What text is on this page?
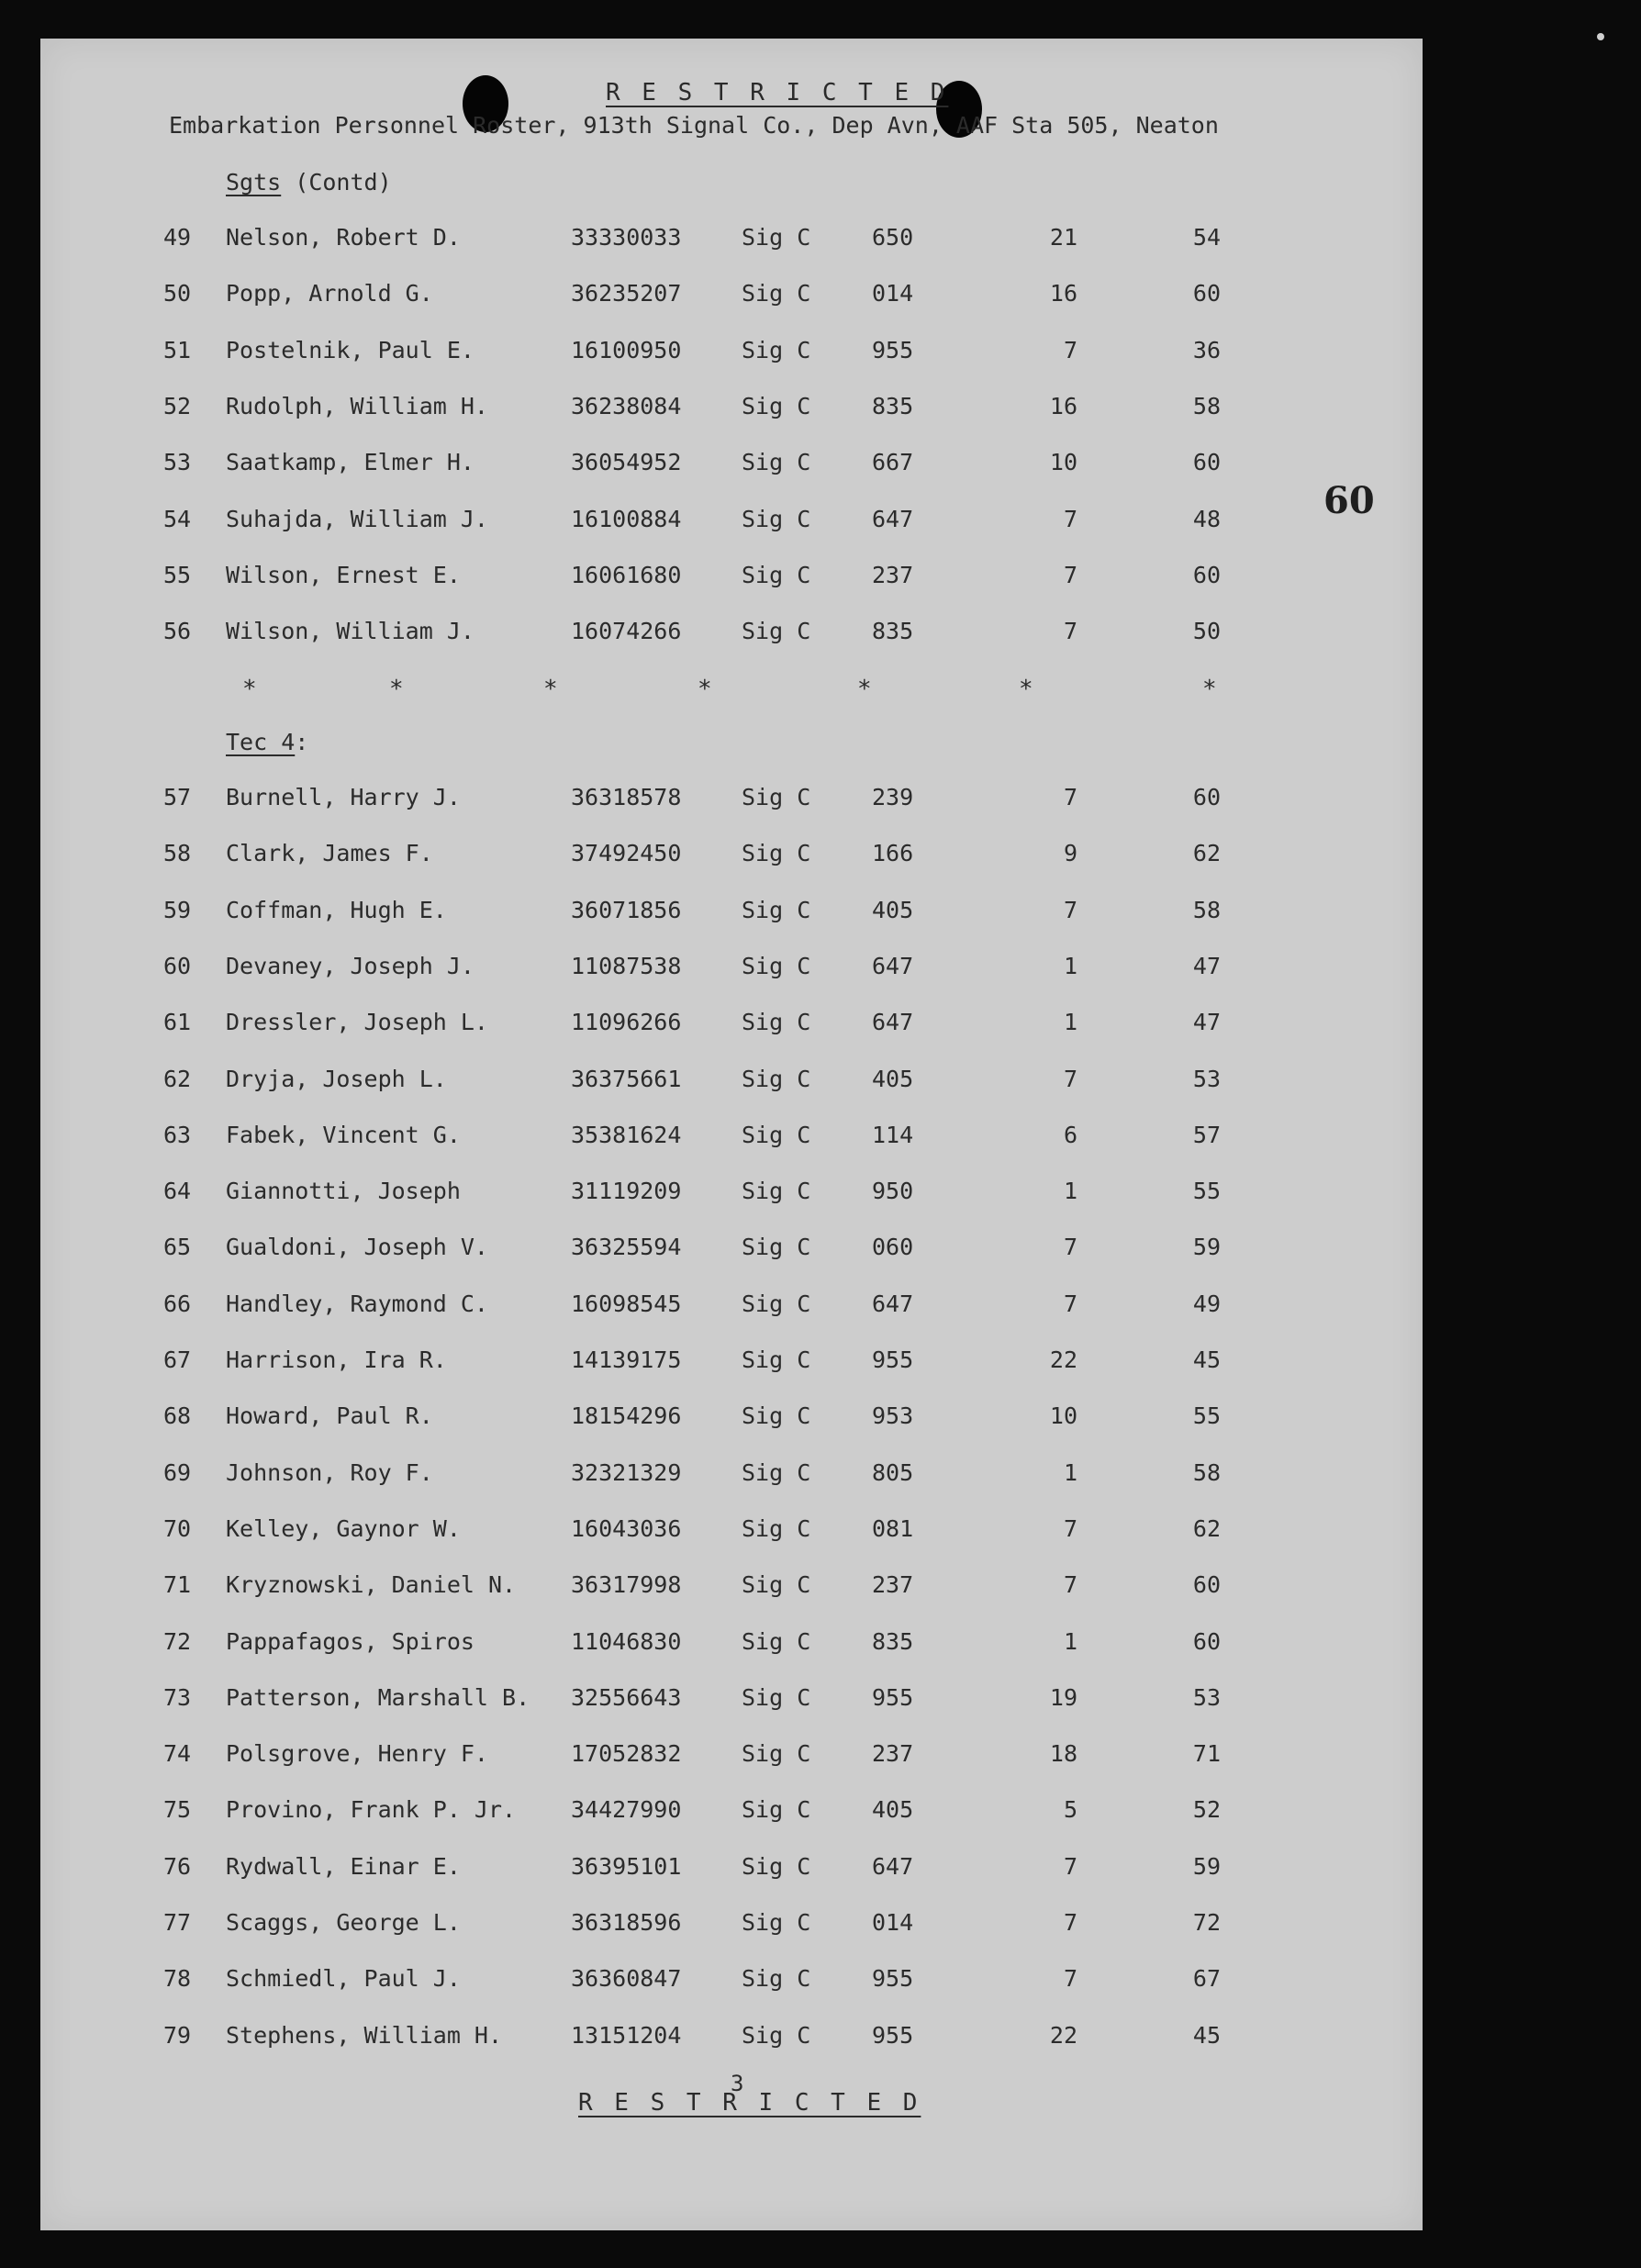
R E S T R I C T E D
Embarkation Personnel Roster, 913th Signal Co., Dep Avn, AAF Sta 505, Neaton
Sgts (Contd)
60
49	Nelson, Robert D.	33330033	Sig C	650	21	54
50	Popp, Arnold G.	36235207	Sig C	014	16	60
51	Postelnik, Paul E.	16100950	Sig C	955	7	36
52	Rudolph, William H.	36238084	Sig C	835	16	58
53	Saatkamp, Elmer H.	36054952	Sig C	667	10	60
54	Suhajda, William J.	16100884	Sig C	647	7	48
55	Wilson, Ernest E.	16061680	Sig C	237	7	60
56	Wilson, William J.	16074266	Sig C	835	7	50
*	*	*	*	*	*	*
Tec 4:
57	Burnell, Harry J.	36318578	Sig C	239	7	60
58	Clark, James F.	37492450	Sig C	166	9	62
59	Coffman, Hugh E.	36071856	Sig C	405	7	58
60	Devaney, Joseph J.	11087538	Sig C	647	1	47
61	Dressler, Joseph L.	11096266	Sig C	647	1	47
62	Dryja, Joseph L.	36375661	Sig C	405	7	53
63	Fabek, Vincent G.	35381624	Sig C	114	6	57
64	Giannotti, Joseph	31119209	Sig C	950	1	55
65	Gualdoni, Joseph V.	36325594	Sig C	060	7	59
66	Handley, Raymond C.	16098545	Sig C	647	7	49
67	Harrison, Ira R.	14139175	Sig C	955	22	45
68	Howard, Paul R.	18154296	Sig C	953	10	55
69	Johnson, Roy F.	32321329	Sig C	805	1	58
70	Kelley, Gaynor W.	16043036	Sig C	081	7	62
71	Kryznowski, Daniel N. 36317998	Sig C	237	7	60
72	Pappafagos, Spiros	11046830	Sig C	835	1	60
73	Patterson, Marshall B. 32556643	Sig C	955	19	53
74	Polsgrove, Henry F.	17052832	Sig C	237	18	71
75	Provino, Frank P. Jr. 34427990	Sig C	405	5	52
76	Rydwall, Einar E.	36395101	Sig C	647	7	59
77	Scaggs, George L.	36318596	Sig C	014	7	72
78	Schmiedl, Paul J.	36360847	Sig C	955	7	67
79	Stephens, William H.	13151204	Sig C	955	22	45
3
R E S T R I C T E D
